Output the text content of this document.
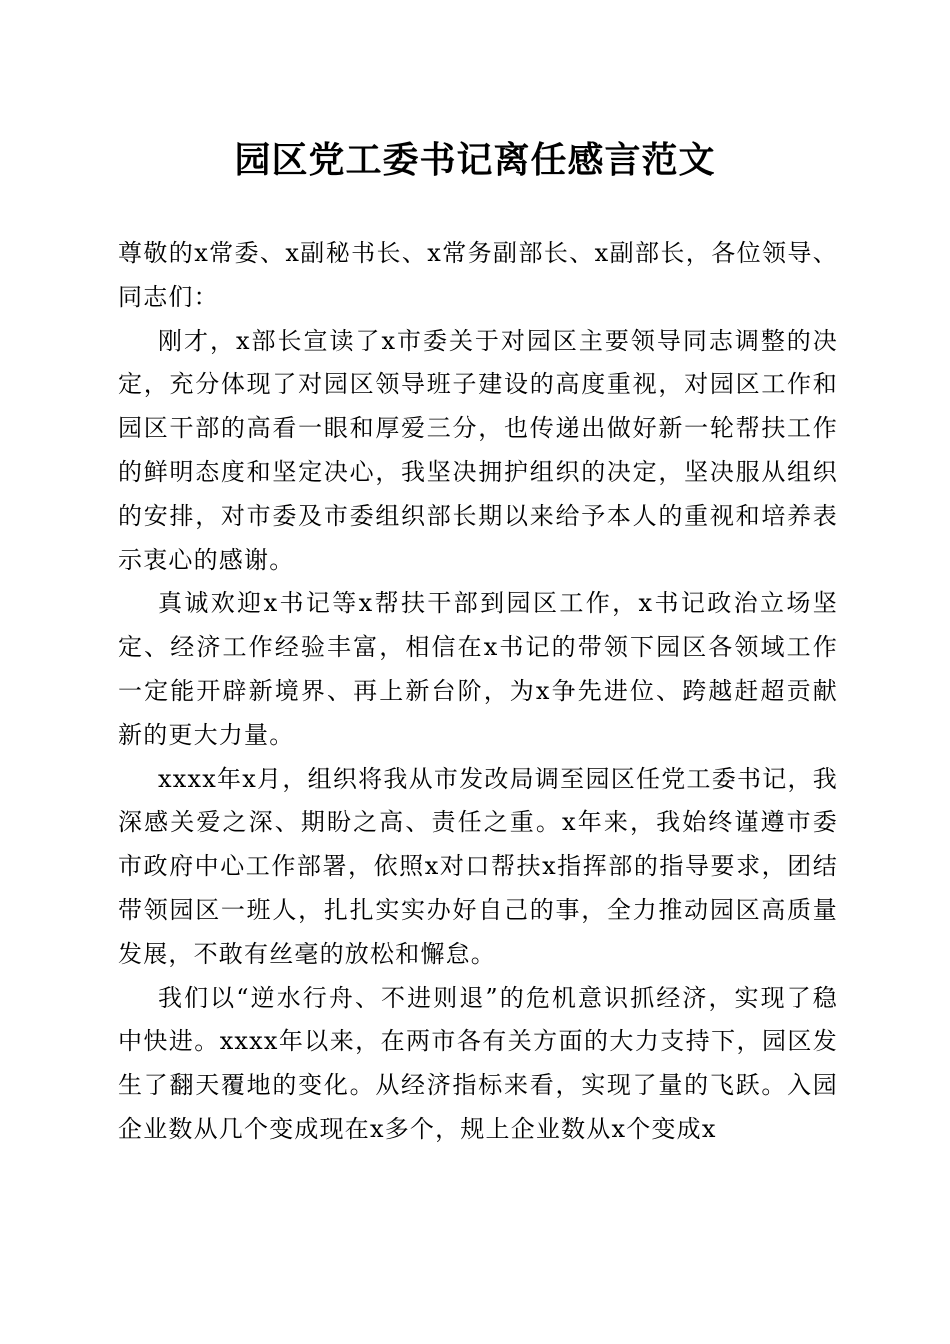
园区党工委书记离任感言范文

尊敬的x常委、x副秘书长、x常务副部长、x副部长，各位领导、同志们：

刚才，x部长宣读了x市委关于对园区主要领导同志调整的决定，充分体现了对园区领导班子建设的高度重视，对园区工作和园区干部的高看一眼和厚爱三分，也传递出做好新一轮帮扶工作的鲜明态度和坚定决心，我坚决拥护组织的决定，坚决服从组织的安排，对市委及市委组织部长期以来给予本人的重视和培养表示衷心的感谢。

真诚欢迎x书记等x帮扶干部到园区工作，x书记政治立场坚定、经济工作经验丰富，相信在x书记的带领下园区各领域工作一定能开辟新境界、再上新台阶，为x争先进位、跨越赶超贡献新的更大力量。

xxxx年x月，组织将我从市发改局调至园区任党工委书记，我深感关爱之深、期盼之高、责任之重。x年来，我始终谨遵市委市政府中心工作部署，依照x对口帮扶x指挥部的指导要求，团结带领园区一班人，扎扎实实办好自己的事，全力推动园区高质量发展，不敢有丝毫的放松和懈怠。

我们以“逆水行舟、不进则退”的危机意识抓经济，实现了稳中快进。xxxx年以来，在两市各有关方面的大力支持下，园区发生了翻天覆地的变化。从经济指标来看，实现了量的飞跃。入园企业数从几个变成现在x多个，规上企业数从x个变成x
